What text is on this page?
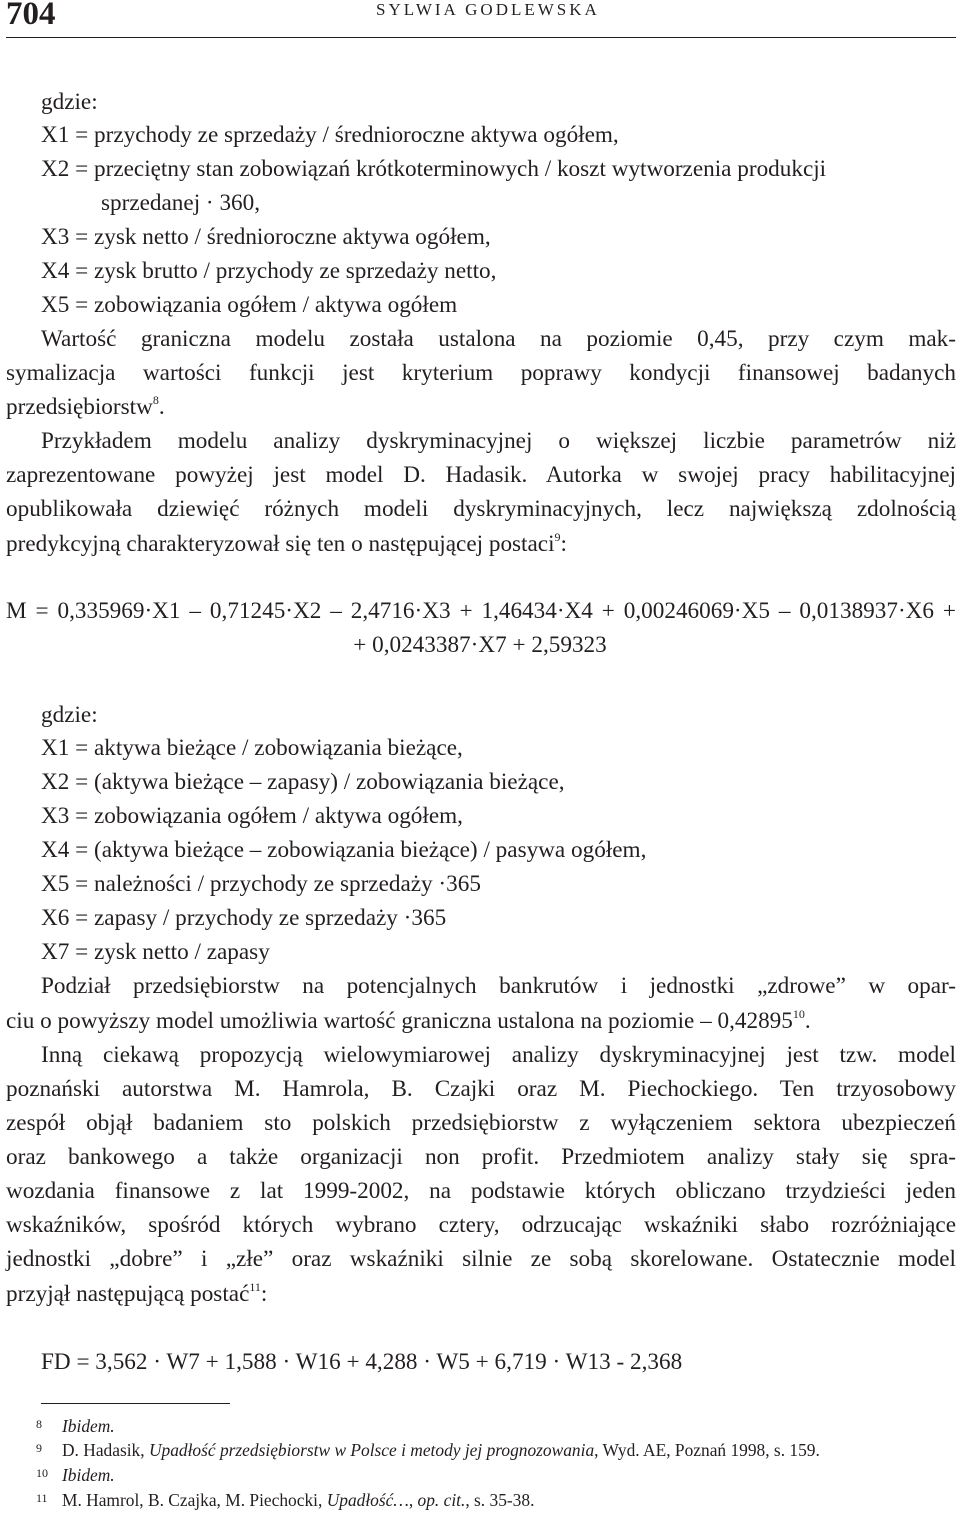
704	SYLWIA GODLEWSKA
gdzie:
X1 = przychody ze sprzedaży / średnioroczne aktywa ogółem,
X2 = przeciętny stan zobowiązań krótkoterminowych / koszt wytworzenia produkcji
sprzedanej · 360,
X3 = zysk netto / średnioroczne aktywa ogółem,
X4 = zysk brutto / przychody ze sprzedaży netto,
X5 = zobowiązania ogółem / aktywa ogółem
Wartość graniczna modelu została ustalona na poziomie 0,45, przy czym mak-
symalizacja wartości funkcji jest kryterium poprawy kondycji finansowej badanych
przedsiębiorstw$^8$.
Przykładem modelu analizy dyskryminacyjnej o większej liczbie parametrów niż
zaprezentowane powyżej jest model D. Hadasik. Autorka w swojej pracy habilitacyjnej
opublikowała dziewięć różnych modeli dyskryminacyjnych, lecz największą zdolnością
predykcyjną charakteryzował się ten o następującej postaci$^9$:
M = 0,335969·X1 – 0,71245·X2 – 2,4716·X3 + 1,46434·X4 + 0,00246069·X5 – 0,0138937·X6 +
+ 0,0243387·X7 + 2,59323
gdzie:
X1 = aktywa bieżące / zobowiązania bieżące,
X2 = (aktywa bieżące – zapasy) / zobowiązania bieżące,
X3 = zobowiązania ogółem / aktywa ogółem,
X4 = (aktywa bieżące – zobowiązania bieżące) / pasywa ogółem,
X5 = należności / przychody ze sprzedaży ·365
X6 = zapasy / przychody ze sprzedaży ·365
X7 = zysk netto / zapasy
Podział przedsiębiorstw na potencjalnych bankrutów i jednostki „zdrowe” w opar-
ciu o powyższy model umożliwia wartość graniczna ustalona na poziomie – 0,42895$^{10}$.
Inną ciekawą propozycją wielowymiarowej analizy dyskryminacyjnej jest tzw. model
poznański autorstwa M. Hamrola, B. Czajki oraz M. Piechockiego. Ten trzyosobowy
zespół objął badaniem sto polskich przedsiębiorstw z wyłączeniem sektora ubezpieczeń
oraz bankowego a także organizacji non profit. Przedmiotem analizy stały się spra-
wozdania finansowe z lat 1999-2002, na podstawie których obliczano trzydzieści jeden
wskaźników, spośród których wybrano cztery, odrzucając wskaźniki słabo rozróżniające
jednostki „dobre” i „złe” oraz wskaźniki silnie ze sobą skorelowane. Ostatecznie model
przyjął następującą postać$^{11}$:
FD = 3,562 · W7 + 1,588 · W16 + 4,288 · W5 + 6,719 · W13 - 2,368
8 Ibidem.
9 D. Hadasik, Upadłość przedsiębiorstw w Polsce i metody jej prognozowania, Wyd. AE, Poznań 1998, s. 159.
10 Ibidem.
11 M. Hamrol, B. Czajka, M. Piechocki, Upadłość…, op. cit., s. 35-38.
